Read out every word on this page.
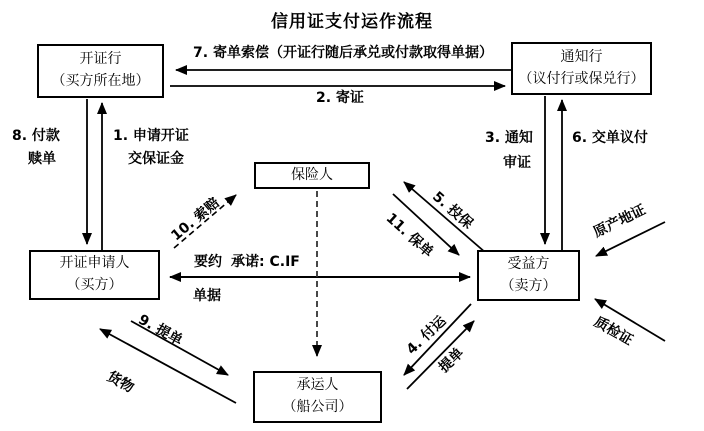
信用证支付运作流程
开证行
（买方所在地）
通知行
（议付行或保兑行）
保险人
开证申请人
（买方）
受益方
（卖方）
承运人
（船公司）
7. 寄单索偿（开证行随后承兑或付款取得单据）
2. 寄证
8. 付款
赎单
1. 申请开证
交保证金
3. 通知
审证
6. 交单议付
10. 索赔	5. 投保
11. 保单
要约 承诺: C.IF
单据
9. 提单
货物
4. 付运
提单
原产地证
质检证
